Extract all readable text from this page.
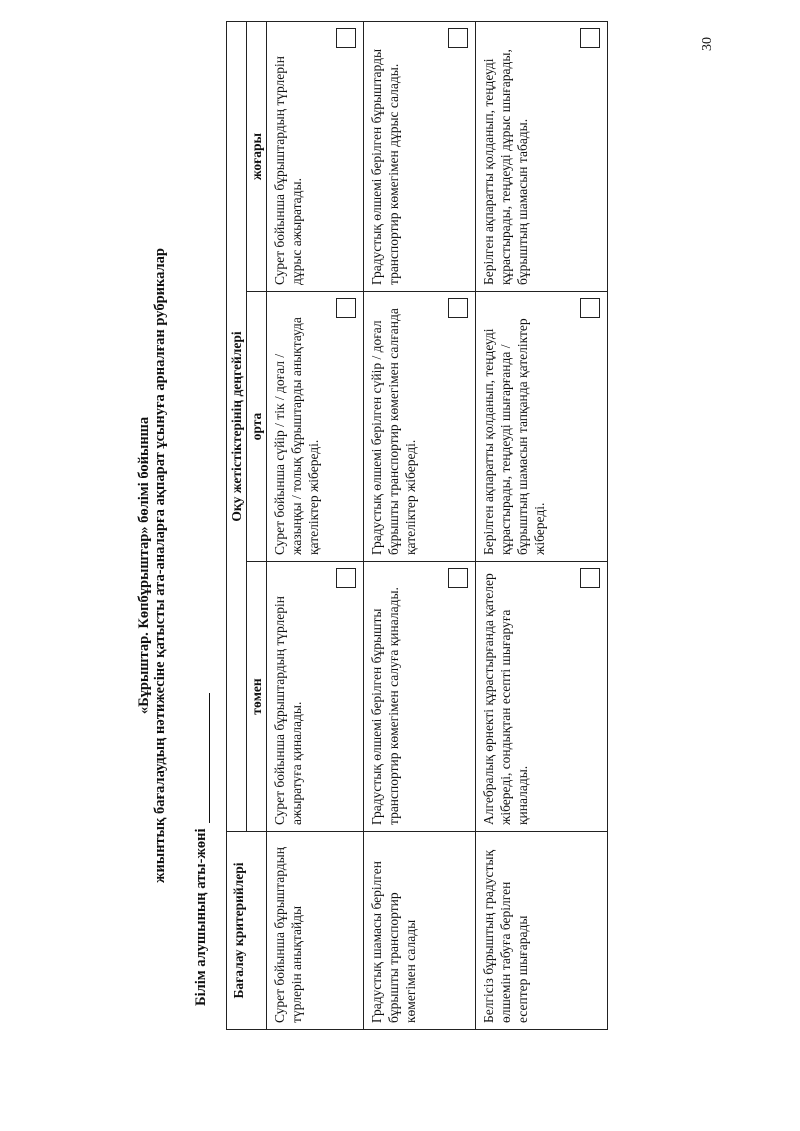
«Бұрыштар. Көпбұрыштар» бөлімі бойынша жиынтық бағалаудың нәтижесіне қатысты ата-аналарға ақпарат ұсынуға арналған рубрикалар
Білім алушының аты-жөні Бағалау критерийлері	Оқу жетістіктерінің деңгейлері		
	төмен	орта	жоғары
Сурет бойынша бұрыштардың түрлерін анықтайды	Сурет бойынша бұрыштардың түрлерін ажыратуға қиналады.	Сурет бойынша сүйір / тік / доғал / жазыңқы / толық бұрыштарды анықтауда қателіктер жібереді.	Сурет бойынша бұрыштардың түрлерін дұрыс ажыратады.

Градустық шамасы берілген бұрышты транспортир көмегімен салады	Градустық өлшемі берілген бұрышты транспортир көмегімен салуға қиналады.	Градустық өлшемі берілген сүйір / доғал бұрышты транспортир көмегімен салғанда қателіктер жібереді.	Градустық өлшемі берілген бұрыштарды транспортир көмегімен дұрыс салады.

Белгісіз бұрыштың градустық өлшемін табуға берілген есептер шығарады	Алгебралық өрнекті құрастырғанда қателер жібереді, сондықтан есепті шығаруға қиналады.	Берілген ақпаратты қолданып, теңдеуді құрастырады, теңдеуді шығарғанда / бұрыштың шамасын тапқанда қателіктер жібереді.	Берілген ақпаратты қолданып, теңдеуді құрастырады, теңдеуді дұрыс шығарады, бұрыштың шамасын табады.
30
